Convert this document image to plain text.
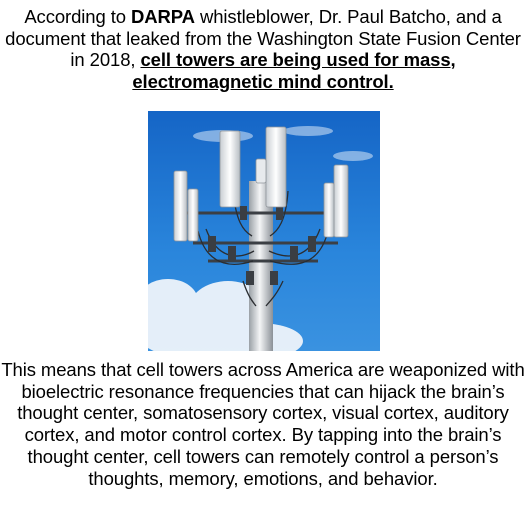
According to DARPA whistleblower, Dr. Paul Batcho, and a document that leaked from the Washington State Fusion Center in 2018, cell towers are being used for mass, electromagnetic mind control.
This means that cell towers across America are weaponized with bioelectric resonance frequencies that can hijack the brain’s thought center, somatosensory cortex, visual cortex, auditory cortex, and motor control cortex. By tapping into the brain’s thought center, cell towers can remotely control a person’s thoughts, memory, emotions, and behavior.
